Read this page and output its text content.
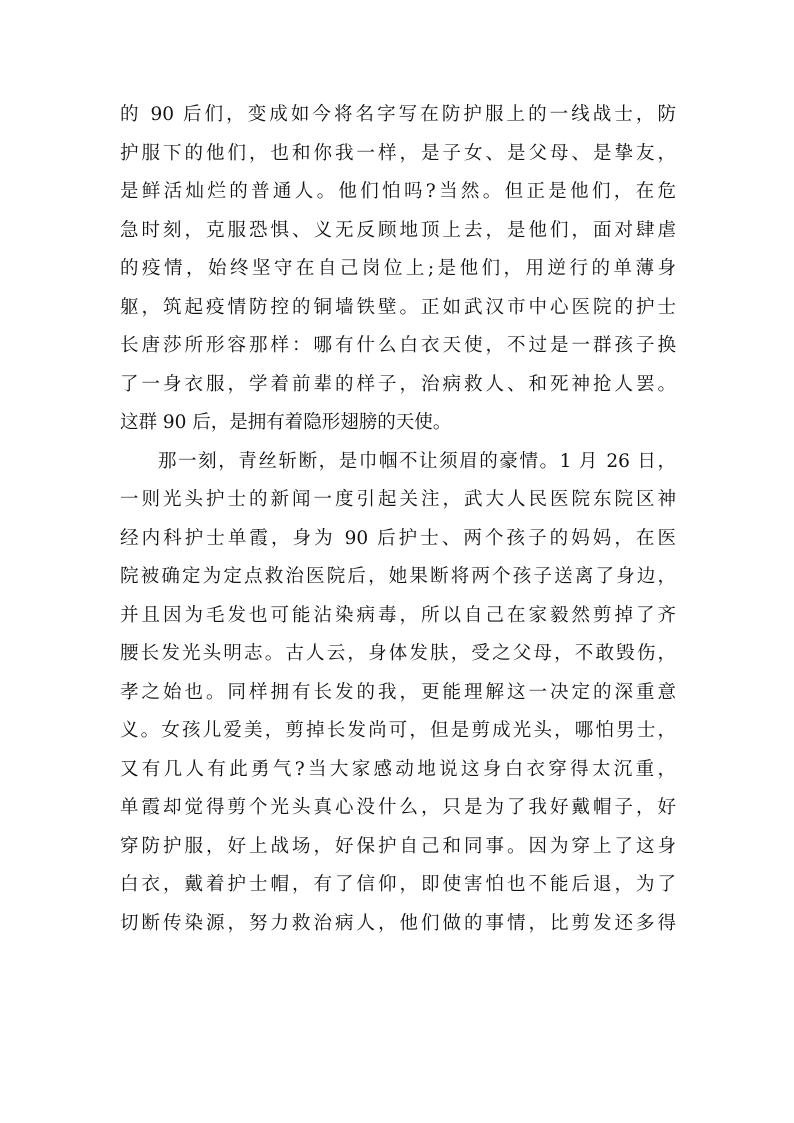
的 90 后们，变成如今将名字写在防护服上的一线战士，防
护服下的他们，也和你我一样，是子女、是父母、是挚友，
是鲜活灿烂的普通人。他们怕吗?当然。但正是他们，在危
急时刻，克服恐惧、义无反顾地顶上去，是他们，面对肆虐
的疫情，始终坚守在自己岗位上;是他们，用逆行的单薄身
躯，筑起疫情防控的铜墙铁壁。正如武汉市中心医院的护士
长唐莎所形容那样：哪有什么白衣天使，不过是一群孩子换
了一身衣服，学着前辈的样子，治病救人、和死神抢人罢。
这群 90 后，是拥有着隐形翅膀的天使。
那一刻，青丝斩断，是巾帼不让须眉的豪情。1 月 26 日，
一则光头护士的新闻一度引起关注，武大人民医院东院区神
经内科护士单霞，身为 90 后护士、两个孩子的妈妈，在医
院被确定为定点救治医院后，她果断将两个孩子送离了身边，
并且因为毛发也可能沾染病毒，所以自己在家毅然剪掉了齐
腰长发光头明志。古人云，身体发肤，受之父母，不敢毁伤，
孝之始也。同样拥有长发的我，更能理解这一决定的深重意
义。女孩儿爱美，剪掉长发尚可，但是剪成光头，哪怕男士，
又有几人有此勇气?当大家感动地说这身白衣穿得太沉重，
单霞却觉得剪个光头真心没什么，只是为了我好戴帽子，好
穿防护服，好上战场，好保护自己和同事。因为穿上了这身
白衣，戴着护士帽，有了信仰，即使害怕也不能后退，为了
切断传染源，努力救治病人，他们做的事情，比剪发还多得
